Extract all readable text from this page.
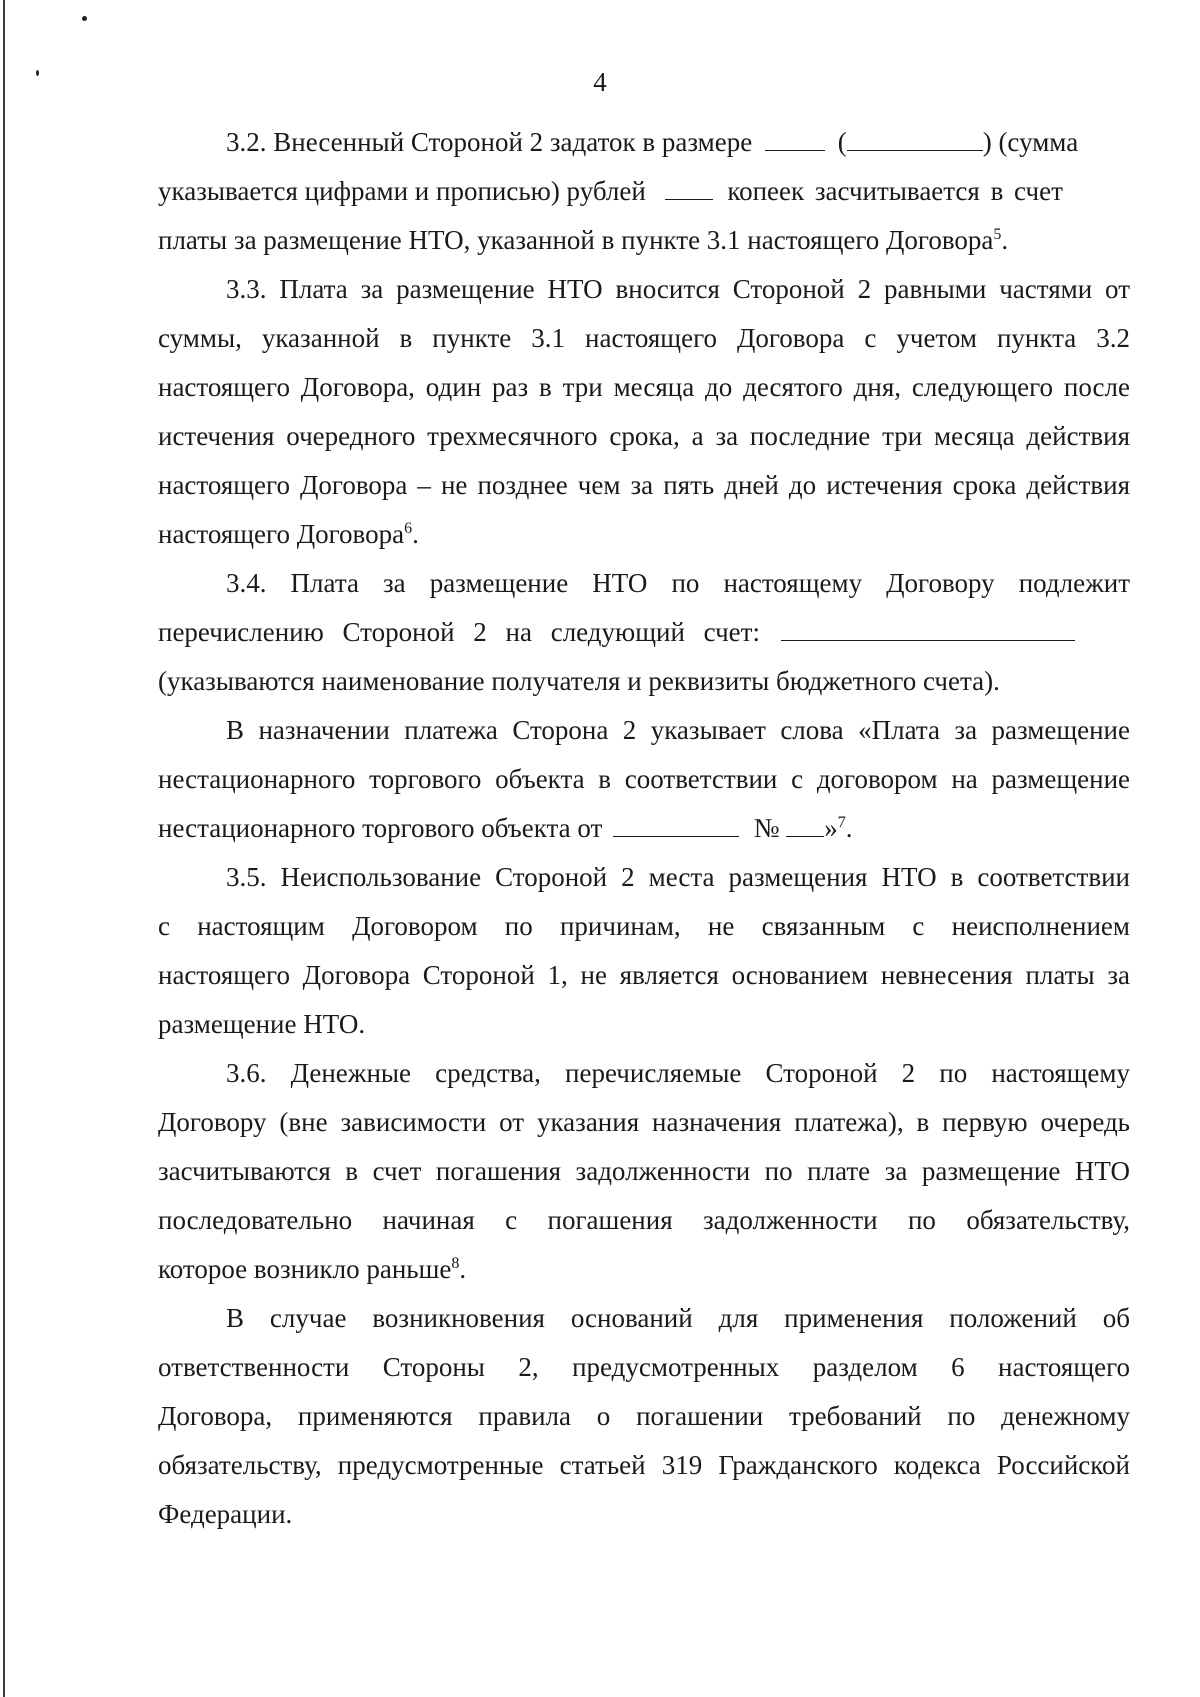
4
3.2. Внесенный Стороной 2 задаток в размере	(	) (сумма
указывается цифрами и прописью) рублей	копеек засчитывается в счет
платы за размещение НТО, указанной в пункте 3.1 настоящего Договора$^5$.
3.3. Плата за размещение НТО вносится Стороной 2 равными частями от
суммы, указанной в пункте 3.1 настоящего Договора с учетом пункта 3.2
настоящего Договора, один раз в три месяца до десятого дня, следующего после
истечения очередного трехмесячного срока, а за последние три месяца действия
настоящего Договора – не позднее чем за пять дней до истечения срока действия
настоящего Договора$^6$.
3.4. Плата за размещение НТО по настоящему Договору подлежит
перечислению Стороной 2 на следующий счет:
(указываются наименование получателя и реквизиты бюджетного счета).
В назначении платежа Сторона 2 указывает слова «Плата за размещение
нестационарного торгового объекта в соответствии с договором на размещение
нестационарного торгового объекта от	№ »$^7$.
3.5. Неиспользование Стороной 2 места размещения НТО в соответствии
с настоящим Договором по причинам, не связанным с неисполнением
настоящего Договора Стороной 1, не является основанием невнесения платы за
размещение НТО.
3.6. Денежные средства, перечисляемые Стороной 2 по настоящему
Договору (вне зависимости от указания назначения платежа), в первую очередь
засчитываются в счет погашения задолженности по плате за размещение НТО
последовательно начиная с погашения задолженности по обязательству,
которое возникло раньше$^8$.
В случае возникновения оснований для применения положений об
ответственности Стороны 2, предусмотренных разделом 6 настоящего
Договора, применяются правила о погашении требований по денежному
обязательству, предусмотренные статьей 319 Гражданского кодекса Российской
Федерации.
